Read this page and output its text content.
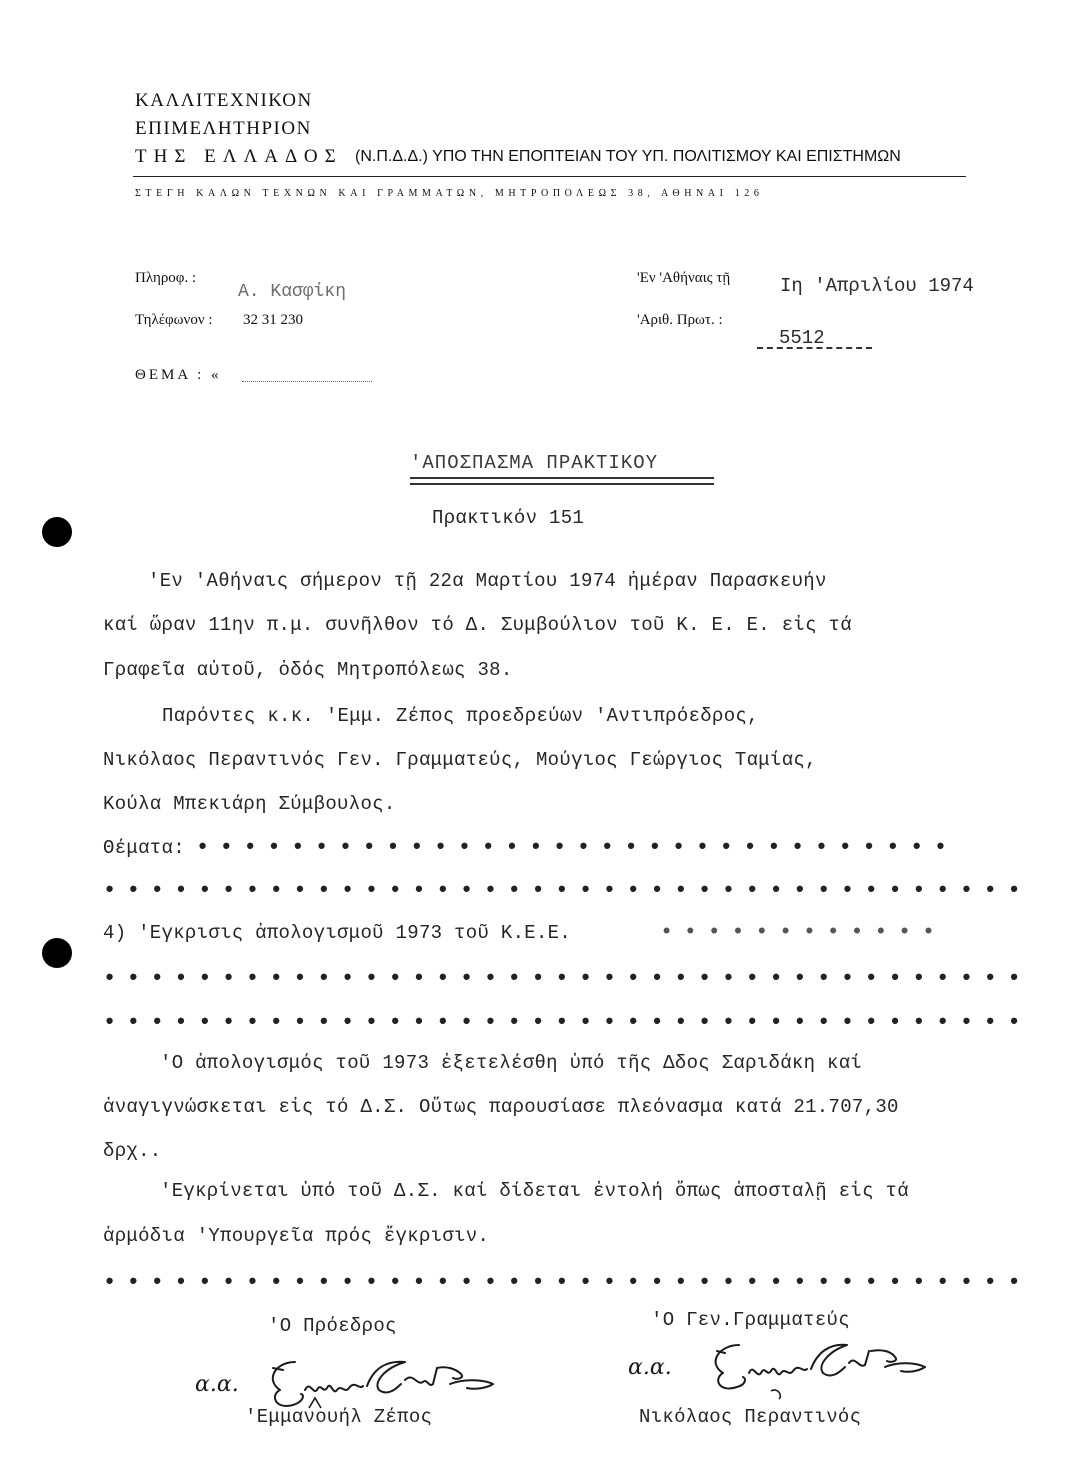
ΚΑΛΛΙΤΕΧΝΙΚΟΝ
ΕΠΙΜΕΛΗΤΗΡΙΟΝ
ΤΗΣ ΕΛΛΑΔΟΣ (Ν.Π.Δ.Δ.) ΥΠΟ ΤΗΝ ΕΠΟΠΤΕΙΑΝ ΤΟΥ ΥΠ. ΠΟΛΙΤΙΣΜΟΥ ΚΑΙ ΕΠΙΣΤΗΜΩΝ
ΣΤΕΓΗ ΚΑΛΩΝ ΤΕΧΝΩΝ ΚΑΙ ΓΡΑΜΜΑΤΩΝ, ΜΗΤΡΟΠΟΛΕΩΣ 38, ΑΘΗΝΑΙ 126
Πληροφ. :
Α. Κασφίκη
Τηλέφωνον : 32 31 230
'Εν 'Αθήναις τῇ	Ιη 'Απριλίου 1974
'Αριθ. Πρωτ. :
5512
ΘΕΜΑ : «
'ΑΠΟΣΠΑΣΜΑ ΠΡΑΚΤΙΚΟΥ
Πρακτικόν 151
'Εν 'Αθήναις σήμερον τῇ 22α Μαρτίου 1974 ἡμέραν Παρασκευήν
καί ὥραν 11ην π.μ. συνῆλθον τό Δ. Συμβούλιον τοῦ Κ. Ε. Ε. εἰς τά
Γραφεῖα αὐτοῦ, ὁδός Μητροπόλεως 38.
Παρόντες κ.κ. 'Εμμ. Ζέπος προεδρεύων 'Αντιπρόεδρος,
Νικόλαος Περαντινός Γεν. Γραμματεύς, Μούγιος Γεώργιος Ταμίας,
Κούλα Μπεκιάρη Σύμβουλος.
Θέματα: ••••••••••••••••••••••••••••••••
•••••••••••••••••••••••••••••••••••••••
4) 'Εγκρισις ἀπολογισμοῦ 1973 τοῦ Κ.Ε.Ε.	••••••••••••
•••••••••••••••••••••••••••••••••••••••
•••••••••••••••••••••••••••••••••••••••
'Ο ἀπολογισμός τοῦ 1973 ἐξετελέσθη ὑπό τῆς Δδος Σαριδάκη καί
ἀναγιγνώσκεται εἰς τό Δ.Σ. Οὕτως παρουσίασε πλεόνασμα κατά 21.707,30
δρχ..
'Εγκρίνεται ὑπό τοῦ Δ.Σ. καί δίδεται ἐντολή ὅπως ἀποσταλῇ εἰς τά
ἁρμόδια 'Υπουργεῖα πρός ἔγκρισιν.
•••••••••••••••••••••••••••••••••••••••
'Ο Πρόεδρος
α.α.
'Εμμανουήλ Ζέπος
'Ο Γεν.Γραμματεύς
α.α.
Νικόλαος Περαντινός
